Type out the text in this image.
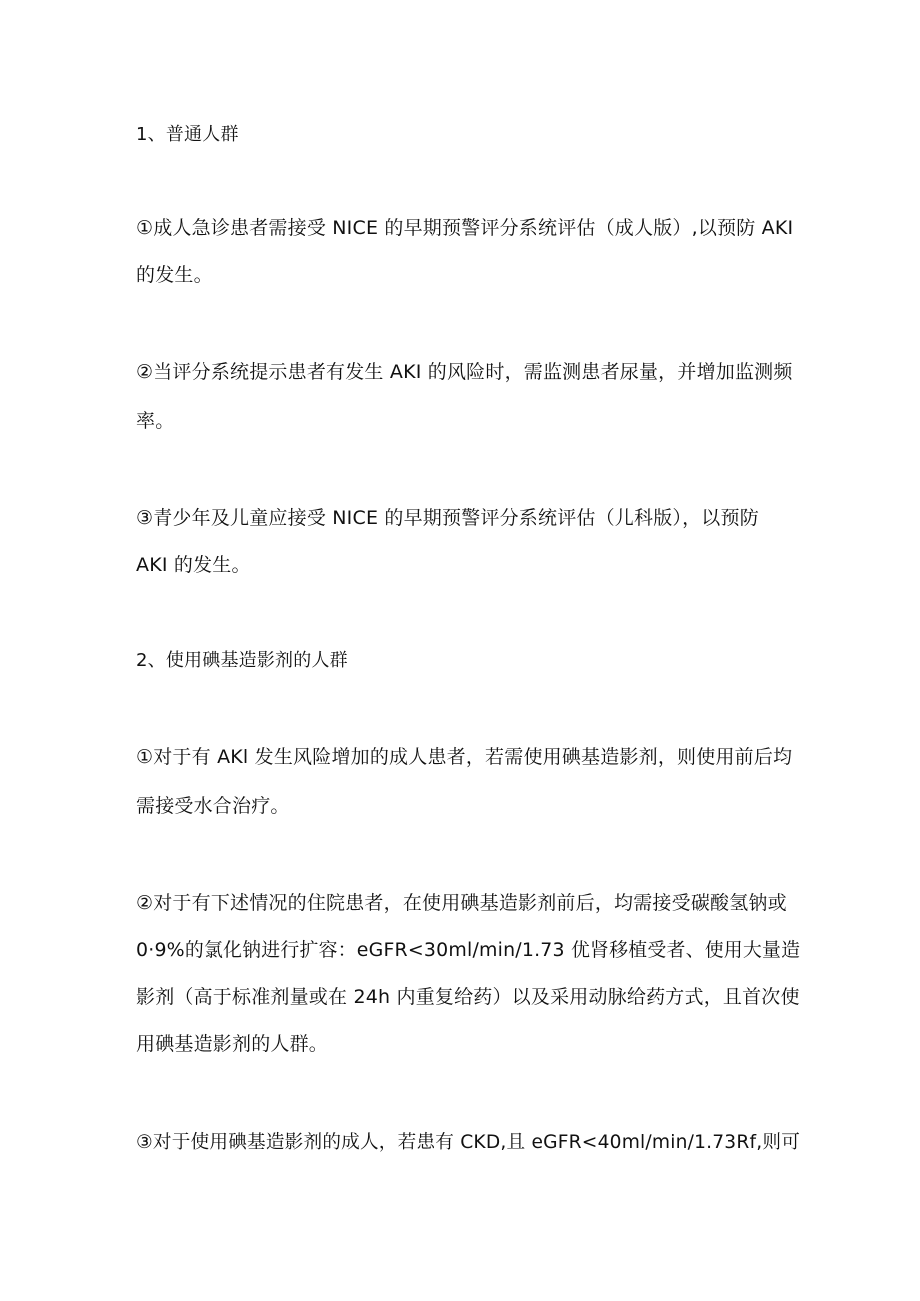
1、普通人群
①成人急诊患者需接受 NICE 的早期预警评分系统评估（成人版）,以预防 AKI
的发生。
②当评分系统提示患者有发生 AKI 的风险时，需监测患者尿量，并增加监测频
率。
③青少年及儿童应接受 NICE 的早期预警评分系统评估（儿科版），以预防
AKI 的发生。
2、使用碘基造影剂的人群
①对于有 AKl 发生风险增加的成人患者，若需使用碘基造影剂，则使用前后均
需接受水合治疗。
②对于有下述情况的住院患者，在使用碘基造影剂前后，均需接受碳酸氢钠或
0·9%的氯化钠进行扩容：eGFR<30ml∕min∕1.73 优肾移植受者、使用大量造
影剂（高于标准剂量或在 24h 内重复给药）以及采用动脉给药方式，且首次使
用碘基造影剂的人群。
③对于使用碘基造影剂的成人，若患有 CKD,且 eGFR<40ml∕min∕1.73Rf,则可
